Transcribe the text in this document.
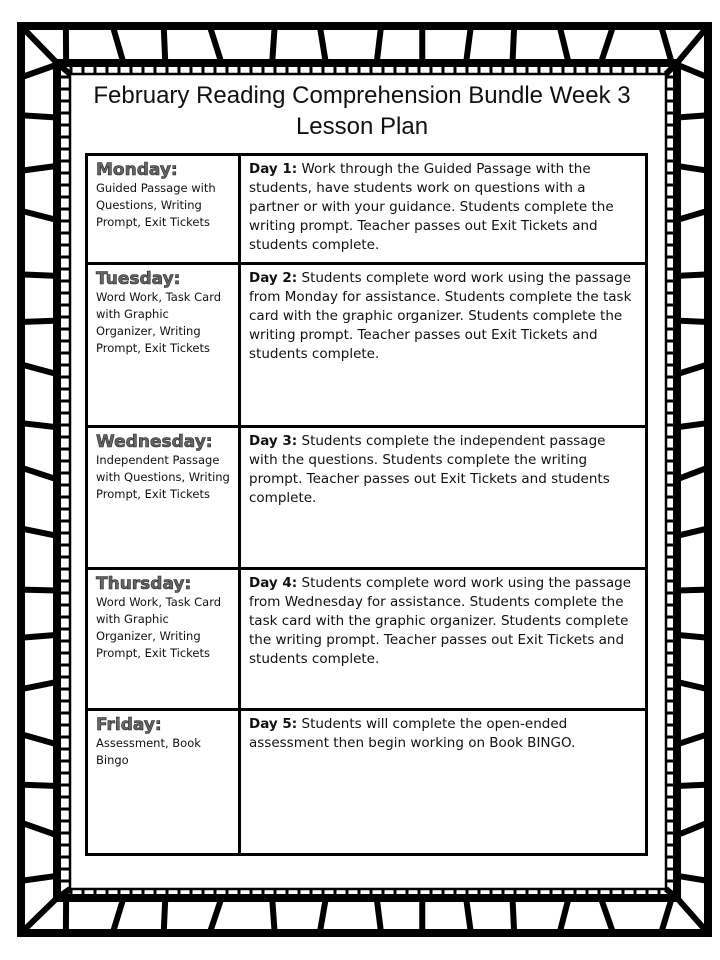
February Reading Comprehension Bundle Week 3
Lesson Plan
Monday:
Guided Passage with Questions, Writing Prompt, Exit Tickets	Day 1: Work through the Guided Passage with the students, have students work on questions with a partner or with your guidance. Students complete the writing prompt. Teacher passes out Exit Tickets and students complete.

Tuesday:
Word Work, Task Card with Graphic Organizer, Writing Prompt, Exit Tickets	Day 2: Students complete word work using the passage from Monday for assistance. Students complete the task card with the graphic organizer. Students complete the writing prompt. Teacher passes out Exit Tickets and students complete.

Wednesday:
Independent Passage with Questions, Writing Prompt, Exit Tickets	Day 3: Students complete the independent passage with the questions. Students complete the writing prompt. Teacher passes out Exit Tickets and students complete.

Thursday:
Word Work, Task Card with Graphic Organizer, Writing Prompt, Exit Tickets	Day 4: Students complete word work using the passage from Wednesday for assistance. Students complete the task card with the graphic organizer. Students complete the writing prompt. Teacher passes out Exit Tickets and students complete.

Friday:
Assessment, Book Bingo	Day 5: Students will complete the open-ended assessment then begin working on Book BINGO.
